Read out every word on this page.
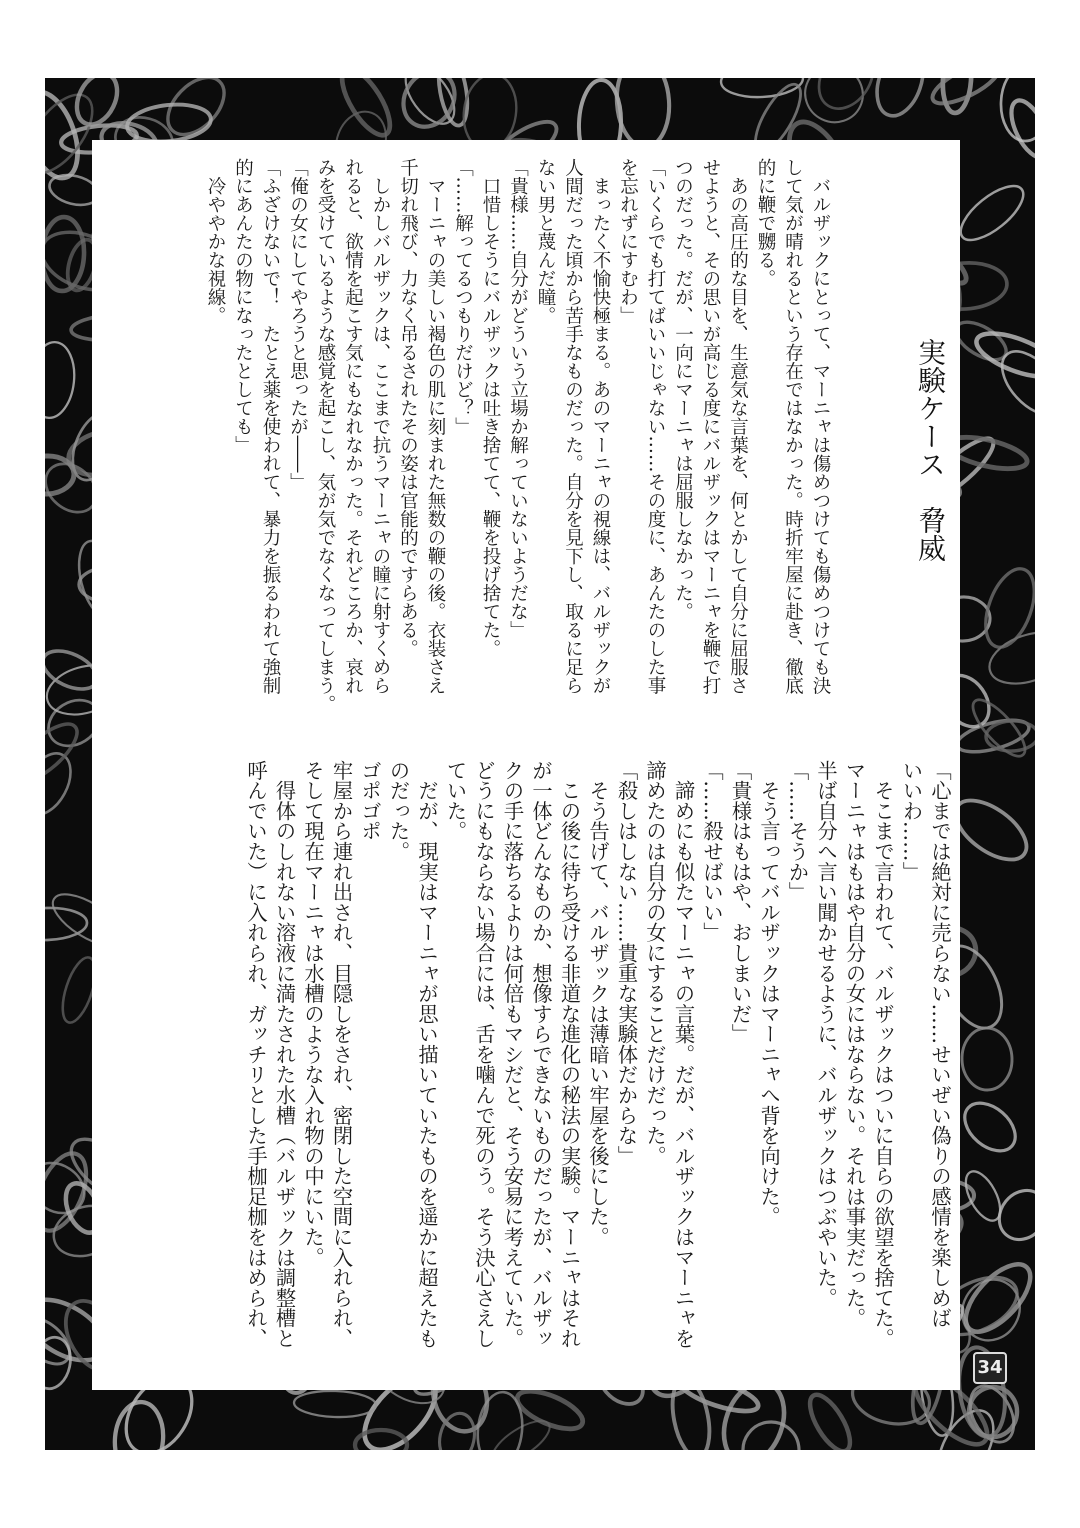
実験ケース　脅威
　バルザックにとって、マーニャは傷めつけても傷めつけても決
して気が晴れるという存在ではなかった。時折牢屋に赴き、徹底
的に鞭で嬲る。
　あの高圧的な目を、生意気な言葉を、何とかして自分に屈服さ
せようと、その思いが高じる度にバルザックはマーニャを鞭で打
つのだった。だが、一向にマーニャは屈服しなかった。
「いくらでも打てばいいじゃない……その度に、あんたのした事
を忘れずにすむわ」
　まったく不愉快極まる。あのマーニャの視線は、バルザックが
人間だった頃から苦手なものだった。自分を見下し、取るに足ら
ない男と蔑んだ瞳。
「貴様……自分がどういう立場か解っていないようだな」
　口惜しそうにバルザックは吐き捨てて、鞭を投げ捨てた。
「……解ってるつもりだけど？」
　マーニャの美しい褐色の肌に刻まれた無数の鞭の後。衣装さえ
千切れ飛び、力なく吊るされたその姿は官能的ですらある。
　しかしバルザックは、ここまで抗うマーニャの瞳に射すくめら
れると、欲情を起こす気にもなれなかった。それどころか、哀れ
みを受けているような感覚を起こし、気が気でなくなってしまう。
「俺の女にしてやろうと思ったが――」
「ふざけないで！　たとえ薬を使われて、暴力を振るわれて強制
的にあんたの物になったとしても」
　冷ややかな視線。
「心までは絶対に売らない……せいぜい偽りの感情を楽しめば
いいわ……」
　そこまで言われて、バルザックはついに自らの欲望を捨てた。
マーニャはもはや自分の女にはならない。それは事実だった。
半ば自分へ言い聞かせるように、バルザックはつぶやいた。
「……そうか」
　そう言ってバルザックはマーニャへ背を向けた。
「貴様はもはや、おしまいだ」
「……殺せばいい」
　諦めにも似たマーニャの言葉。だが、バルザックはマーニャを
諦めたのは自分の女にすることだけだった。
「殺しはしない……貴重な実験体だからな」
　そう告げて、バルザックは薄暗い牢屋を後にした。
　この後に待ち受ける非道な進化の秘法の実験。マーニャはそれ
が一体どんなものか、想像すらできないものだったが、バルザッ
クの手に落ちるよりは何倍もマシだと、そう安易に考えていた。
どうにもならない場合には、舌を噛んで死のう。そう決心さえし
ていた。
　だが、現実はマーニャが思い描いていたものを遥かに超えたも
のだった。
ゴポゴポ
牢屋から連れ出され、目隠しをされ、密閉した空間に入れられ、
そして現在マーニャは水槽のような入れ物の中にいた。
　得体のしれない溶液に満たされた水槽（バルザックは調整槽と
呼んでいた）に入れられ、ガッチリとした手枷足枷をはめられ、
34
